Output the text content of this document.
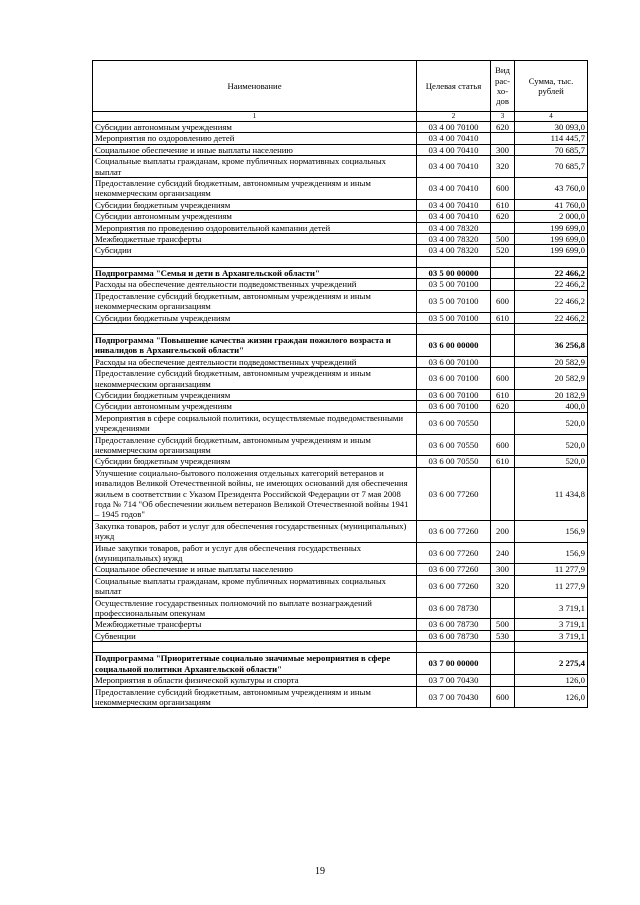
Наименование	Целевая статья	Вид рас-хо-дов	Сумма, тыс. рублей
1	2	3	4
Субсидии автономным учреждениям	03 4 00 70100	620	30 093,0
Мероприятия по оздоровлению детей	03 4 00 70410		114 445,7
Социальное обеспечение и иные выплаты населению	03 4 00 70410	300	70 685,7
Социальные выплаты гражданам, кроме публичных нормативных социальных выплат	03 4 00 70410	320	70 685,7
Предоставление субсидий бюджетным, автономным учреждениям и иным некоммерческим организациям	03 4 00 70410	600	43 760,0
Субсидии бюджетным учреждениям	03 4 00 70410	610	41 760,0
Субсидии автономным учреждениям	03 4 00 70410	620	2 000,0
Мероприятия по проведению оздоровительной кампании детей	03 4 00 78320		199 699,0
Межбюджетные трансферты	03 4 00 78320	500	199 699,0
Субсидии	03 4 00 78320	520	199 699,0

Подпрограмма "Семья и дети в Архангельской области"	03 5 00 00000		22 466,2
Расходы на обеспечение деятельности подведомственных учреждений	03 5 00 70100		22 466,2
Предоставление субсидий бюджетным, автономным учреждениям и иным некоммерческим организациям	03 5 00 70100	600	22 466,2
Субсидии бюджетным учреждениям	03 5 00 70100	610	22 466,2

Подпрограмма "Повышение качества жизни граждан пожилого возраста и инвалидов в Архангельской области"	03 6 00 00000		36 256,8
Расходы на обеспечение деятельности подведомственных учреждений	03 6 00 70100		20 582,9
Предоставление субсидий бюджетным, автономным учреждениям и иным некоммерческим организациям	03 6 00 70100	600	20 582,9
Субсидии бюджетным учреждениям	03 6 00 70100	610	20 182,9
Субсидии автономным учреждениям	03 6 00 70100	620	400,0
Мероприятия в сфере социальной политики, осуществляемые подведомственными учреждениями	03 6 00 70550		520,0
Предоставление субсидий бюджетным, автономным учреждениям и иным некоммерческим организациям	03 6 00 70550	600	520,0
Субсидии бюджетным учреждениям	03 6 00 70550	610	520,0
Улучшение социально-бытового положения отдельных категорий ветеранов и инвалидов Великой Отечественной войны, не имеющих оснований для обеспечения жильем в соответствии с Указом Президента Российской Федерации от 7 мая 2008 года № 714 "Об обеспечении жильем ветеранов Великой Отечественной войны 1941 – 1945 годов"	03 6 00 77260		11 434,8
Закупка товаров, работ и услуг для обеспечения государственных (муниципальных) нужд	03 6 00 77260	200	156,9
Иные закупки товаров, работ и услуг для обеспечения государственных (муниципальных) нужд	03 6 00 77260	240	156,9
Социальное обеспечение и иные выплаты населению	03 6 00 77260	300	11 277,9
Социальные выплаты гражданам, кроме публичных нормативных социальных выплат	03 6 00 77260	320	11 277,9
Осуществление государственных полномочий по выплате вознаграждений профессиональным опекунам	03 6 00 78730		3 719,1
Межбюджетные трансферты	03 6 00 78730	500	3 719,1
Субвенции	03 6 00 78730	530	3 719,1

Подпрограмма "Приоритетные социально значимые мероприятия в сфере социальной политики Архангельской области"	03 7 00 00000		2 275,4
Мероприятия в области физической культуры и спорта	03 7 00 70430		126,0
Предоставление субсидий бюджетным, автономным учреждениям и иным некоммерческим организациям	03 7 00 70430	600	126,0
19
